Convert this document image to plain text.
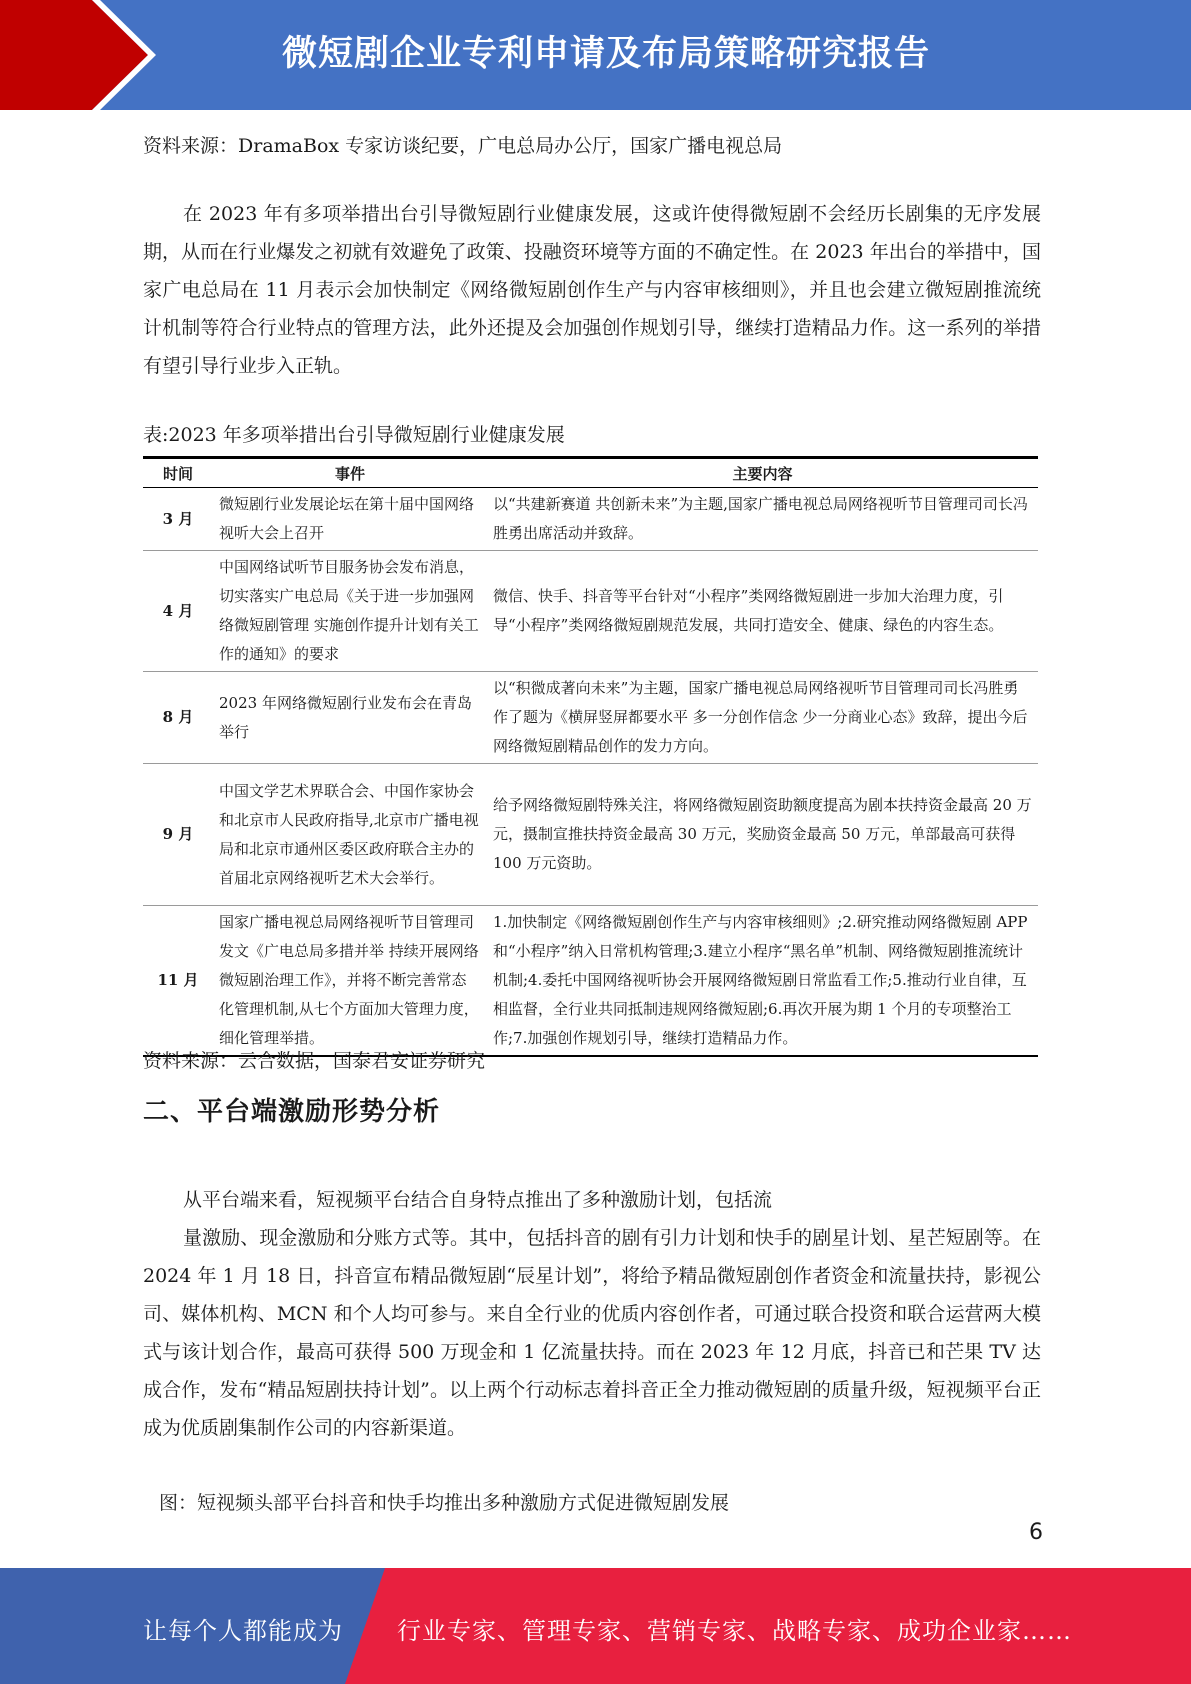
微短剧企业专利申请及布局策略研究报告
资料来源：DramaBox 专家访谈纪要，广电总局办公厅，国家广播电视总局

在 2023 年有多项举措出台引导微短剧行业健康发展，这或许使得微短剧不会经历长剧集的无序发展期，从而在行业爆发之初就有效避免了政策、投融资环境等方面的不确定性。在 2023 年出台的举措中，国家广电总局在 11 月表示会加快制定《网络微短剧创作生产与内容审核细则》，并且也会建立微短剧推流统计机制等符合行业特点的管理方法，此外还提及会加强创作规划引导，继续打造精品力作。这一系列的举措有望引导行业步入正轨。

表:2023 年多项举措出台引导微短剧行业健康发展
时间	事件	主要内容
3 月	微短剧行业发展论坛在第十届中国网络视听大会上召开	以“共建新赛道 共创新未来”为主题,国家广播电视总局网络视听节目管理司司长冯胜勇出席活动并致辞。
4 月	中国网络试听节目服务协会发布消息，切实落实广电总局《关于进一步加强网络微短剧管理 实施创作提升计划有关工作的通知》的要求	微信、快手、抖音等平台针对“小程序”类网络微短剧进一步加大治理力度，引导“小程序”类网络微短剧规范发展，共同打造安全、健康、绿色的内容生态。
8 月	2023 年网络微短剧行业发布会在青岛举行	以“积微成著向未来”为主题，国家广播电视总局网络视听节目管理司司长冯胜勇作了题为《横屏竖屏都要水平 多一分创作信念 少一分商业心态》致辞，提出今后网络微短剧精品创作的发力方向。
9 月	中国文学艺术界联合会、中国作家协会和北京市人民政府指导,北京市广播电视局和北京市通州区委区政府联合主办的首届北京网络视听艺术大会举行。	给予网络微短剧特殊关注，将网络微短剧资助额度提高为剧本扶持资金最高 20 万元，摄制宣推扶持资金最高 30 万元，奖励资金最高 50 万元，单部最高可获得 100 万元资助。
11 月	国家广播电视总局网络视听节目管理司发文《广电总局多措并举 持续开展网络微短剧治理工作》，并将不断完善常态化管理机制,从七个方面加大管理力度，细化管理举措。	1.加快制定《网络微短剧创作生产与内容审核细则》;2.研究推动网络微短剧 APP 和“小程序”纳入日常机构管理;3.建立小程序“黑名单”机制、网络微短剧推流统计机制;4.委托中国网络视听协会开展网络微短剧日常监看工作;5.推动行业自律，互相监督，全行业共同抵制违规网络微短剧;6.再次开展为期 1 个月的专项整治工作;7.加强创作规划引导，继续打造精品力作。
资料来源：云合数据，国泰君安证券研究
二、平台端激励形势分析

从平台端来看，短视频平台结合自身特点推出了多种激励计划，包括流

量激励、现金激励和分账方式等。其中，包括抖音的剧有引力计划和快手的剧星计划、星芒短剧等。在 2024 年 1 月 18 日，抖音宣布精品微短剧“辰星计划”，将给予精品微短剧创作者资金和流量扶持，影视公司、媒体机构、MCN 和个人均可参与。来自全行业的优质内容创作者，可通过联合投资和联合运营两大模式与该计划合作，最高可获得 500 万现金和 1 亿流量扶持。而在 2023 年 12 月底，抖音已和芒果 TV 达成合作，发布“精品短剧扶持计划”。以上两个行动标志着抖音正全力推动微短剧的质量升级，短视频平台正成为优质剧集制作公司的内容新渠道。

图：短视频头部平台抖音和快手均推出多种激励方式促进微短剧发展
6
让每个人都能成为 行业专家、管理专家、营销专家、战略专家、成功企业家……
